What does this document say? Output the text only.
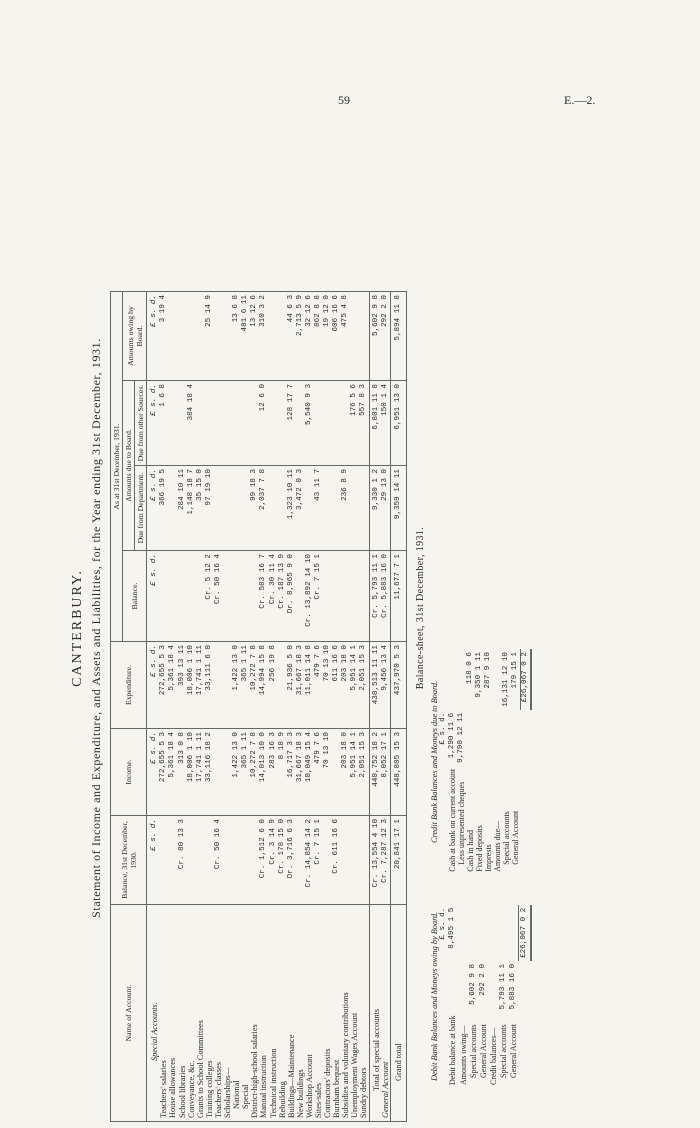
59	E.—2.
CANTERBURY. Statement of Income and Expenditure, and Assets and Liabilities, for the Year ending 31st December, 1931.
Name of Account.	Balance, 31st December, 1930.	Income.	Expenditure.	As at 31st December, 1931.			
				Balance.	Amounts due to Board.		Amounts owing by Board.
					Due from Department.	Due from other Sources.	
Special Accounts.	£ s. d.	£ s. d.	£ s. d.	£ s. d.	£ s. d.	£ s. d.	£ s. d.
Teachers' salaries		272,655 5 3	272,655 5 3		366 19 5	1 6 8	3 19 4
House allowances		5,361 18 4	5,361 18 4				
School libraries	Cr. 80 13 3	313 0 8	393 13 11		284 10 11		
Conveyance, &c.		18,006 1 10	18,006 1 10		1,148 18 7	384 18 4	
Grants to School Committees		17,741 1 11	17,741 1 11		35 15 0		
Training colleges		33,116 18 2	33,111 6 0	Cr. 5 12 2	97 19 10		25 14 9
Teachers' classes	Cr. 50 16 4			Cr. 50 16 4			
Scholarships—							
National		1,422 13 0	1,422 13 0				13 6 8
Special		365 1 11	365 1 11				481 6 11
District-high-school salaries		10,272 7 8	10,272 7 8		99 18 3		13 12 6
Manual instruction	Cr. 1,512 6 0	14,013 10 0	14,994 15 8	Cr. 583 16 7	2,037 7 8	12 6 0	310 3 2
Technical instruction	Cr. 3 14 9	283 16 3	256 19 8	Cr. 30 11 4			
Rebuilding	Cr. 178 15 0	8 18 9		Cr. 187 13 9			
Buildings—Maintenance	Dr. 3,716 6 3	16,717 3 3	21,936 5 0	Dr. 8,965 9 0	1,323 10 11	128 17 7	44 6 3
New buildings		31,667 18 3	31,667 18 3		3,472 0 3		2,713 5 9
Workshop Account	Cr. 14,854 14 2	10,049 15 4	11,011 14 8	Cr. 13,892 14 10		5,540 9 3	32 12 6
Sites-sales	Cr. 7 15 1	479 7 6	479 7 6	Cr. 7 15 1	43 11 7		862 8 8
Contractors' deposits		70 13 10	70 13 10				19 12 0
Burnham bequest	Cr. 611 16 6		611 16 6				606 16 6
Subsidies and voluntary contributions		203 18 0	203 18 0		236 8 9		475 4 8
Unemployment Wages Account		5,951 14 1	5,951 14 1			176 5 6	
Sundry debtors		2,051 15 3	2,051 15 3			557 8 3	
Total of special accounts	Cr. 13,554 4 10	440,752 18 2	438,513 11 11	Cr. 5,793 11 1	9,330 1 2	6,801 11 8	5,602 9 8
General Account	Cr. 7,287 12 3	8,052 17 1	9,456 13 4	Cr. 5,883 16 0	29 13 0	150 1 4	292 2 0
Grand total	20,841 17 1	448,805 15 3	437,970 5 3	11,677 7 1	9,359 14 11	6,951 13 0	5,894 11 8
Balance-sheet, 31st December, 1931.
Debit Bank Balances and Moneys owing by Board.		
		£ s. d.
Debit balance at bank		8,495 1 5
Amounts owing—		
Special accounts	5,602 9 8	
General Account	292 2 0	
Credit balances—		
Special accounts	5,793 11 1	
General Account	5,883 16 0	
		£26,067 0 2
Credit Bank Balances and Moneys due to Board.		
	£ s. d.	
Cash at bank on current account	1,290 11 6	
Less unpresented cheques	9,790 12 11	
Cash in hand		118 0 6
Fixed deposits		9,350 1 11
Imprests		287 9 10
Amounts due—		
Special accounts		16,131 12 10
General Account		179 15 1
		£26,067 0 2
